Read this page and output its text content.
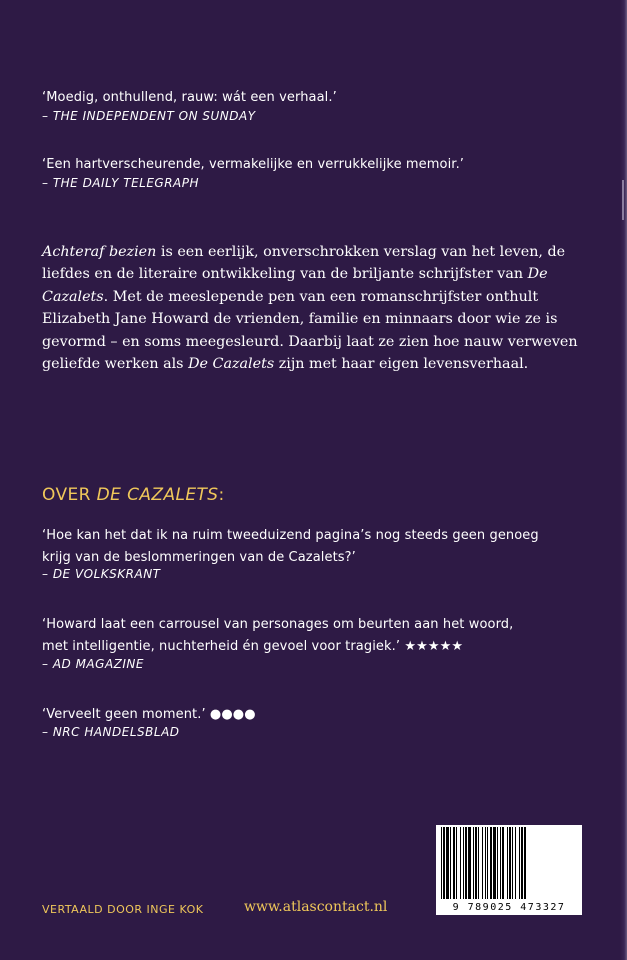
‘Moedig, onthullend, rauw: wát een verhaal.’
– THE INDEPENDENT ON SUNDAY
‘Een hartverscheurende, vermakelijke en verrukkelijke memoir.’
– THE DAILY TELEGRAPH
Achteraf bezien is een eerlijk, onverschrokken verslag van het leven, de liefdes en de literaire ontwikkeling van de briljante schrijfster van De Cazalets. Met de meeslepende pen van een romanschrijfster onthult Elizabeth Jane Howard de vrienden, familie en minnaars door wie ze is gevormd – en soms meegesleurd. Daarbij laat ze zien hoe nauw verweven geliefde werken als De Cazalets zijn met haar eigen levensverhaal.
OVER DE CAZALETS:
‘Hoe kan het dat ik na ruim tweeduizend pagina’s nog steeds geen genoeg
krijg van de beslommeringen van de Cazalets?’
– DE VOLKSKRANT
‘Howard laat een carrousel van personages om beurten aan het woord,
met intelligentie, nuchterheid én gevoel voor tragiek.’ ★★★★★
– AD MAGAZINE
‘Verveelt geen moment.’ ●●●●
– NRC HANDELSBLAD
VERTAALD DOOR INGE KOK	www.atlascontact.nl	9 789025 473327
